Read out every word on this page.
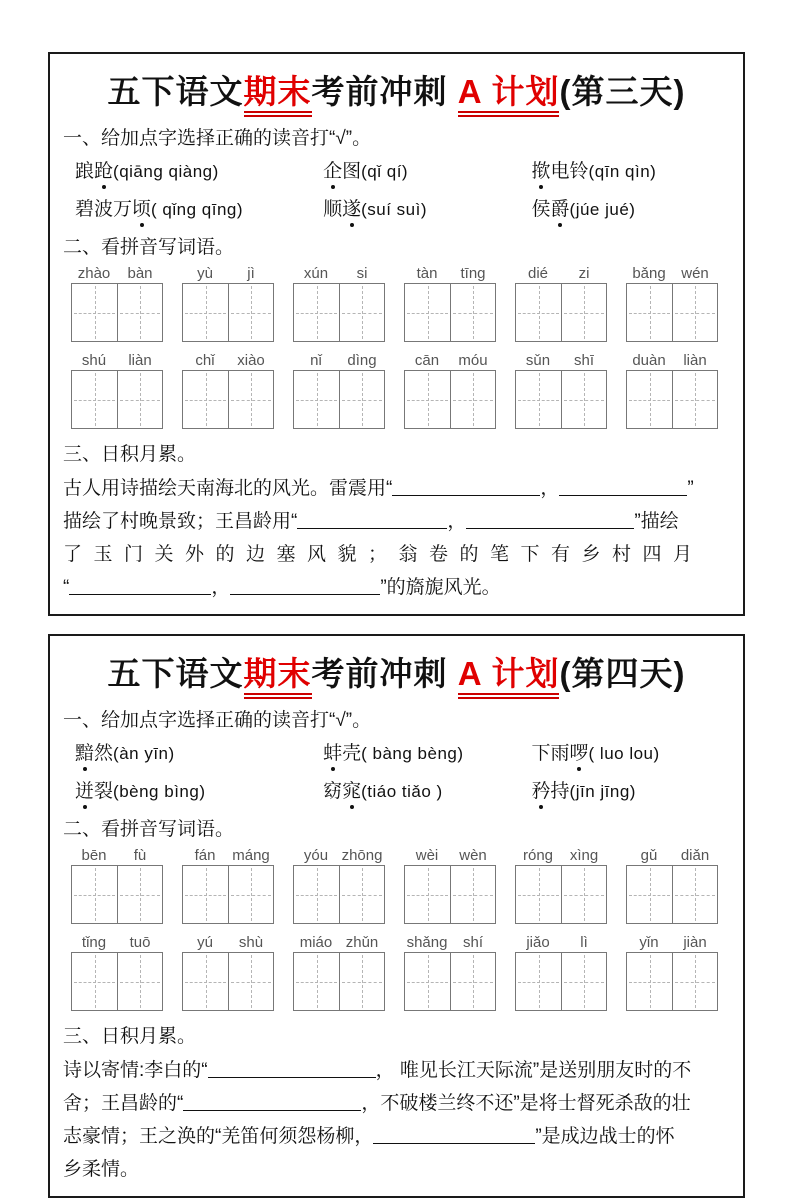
五下语文期末考前冲刺 A 计划(第三天)
一、给加点字选择正确的读音打“√”。
踉跄(qiāng qiàng)	企图(qǐ qí)	揿电铃(qīn qìn)
碧波万顷( qǐng qīng)	顺遂(suí suì)	侯爵(júe jué)
二、看拼音写词语。
zhào	bàn	yù	jì	xún	si	tàn	tīng	dié	zi	bǎng	wén
shú	liàn	chǐ	xiào	nǐ	dìng	cān	móu	sǔn	shī	duàn	liàn
三、日积月累。
古人用诗描绘天南海北的风光。雷震用“	，	”
描绘了村晚景致；王昌龄用“	，	”描绘
了玉门关外的边塞风貌；翁卷的笔下有乡村四月
“	，	”的旖旎风光。
五下语文期末考前冲刺 A 计划(第四天)
一、给加点字选择正确的读音打“√”。
黯然(àn yīn)	蚌壳( bàng bèng)	下雨啰( luo lou)
迸裂(bèng bìng)	窈窕(tiáo tiǎo )	矜持(jīn jīng)
二、看拼音写词语。
bēn	fù	fán	máng	yóu zhōng	wèi	wèn	róng	xìng	gǔ	diǎn
tǐng	tuō	yú	shù	miáo zhǔn	shǎng	shí	jiǎo	lì	yǐn	jiàn
三、日积月累。
诗以寄情:李白的“	， 唯见长江天际流”是送别朋友时的不
舍；王昌龄的“	，不破楼兰终不还”是将士督死杀敌的壮
志豪情；王之涣的“羌笛何须怨杨柳，	”是成边战士的怀
乡柔情。
